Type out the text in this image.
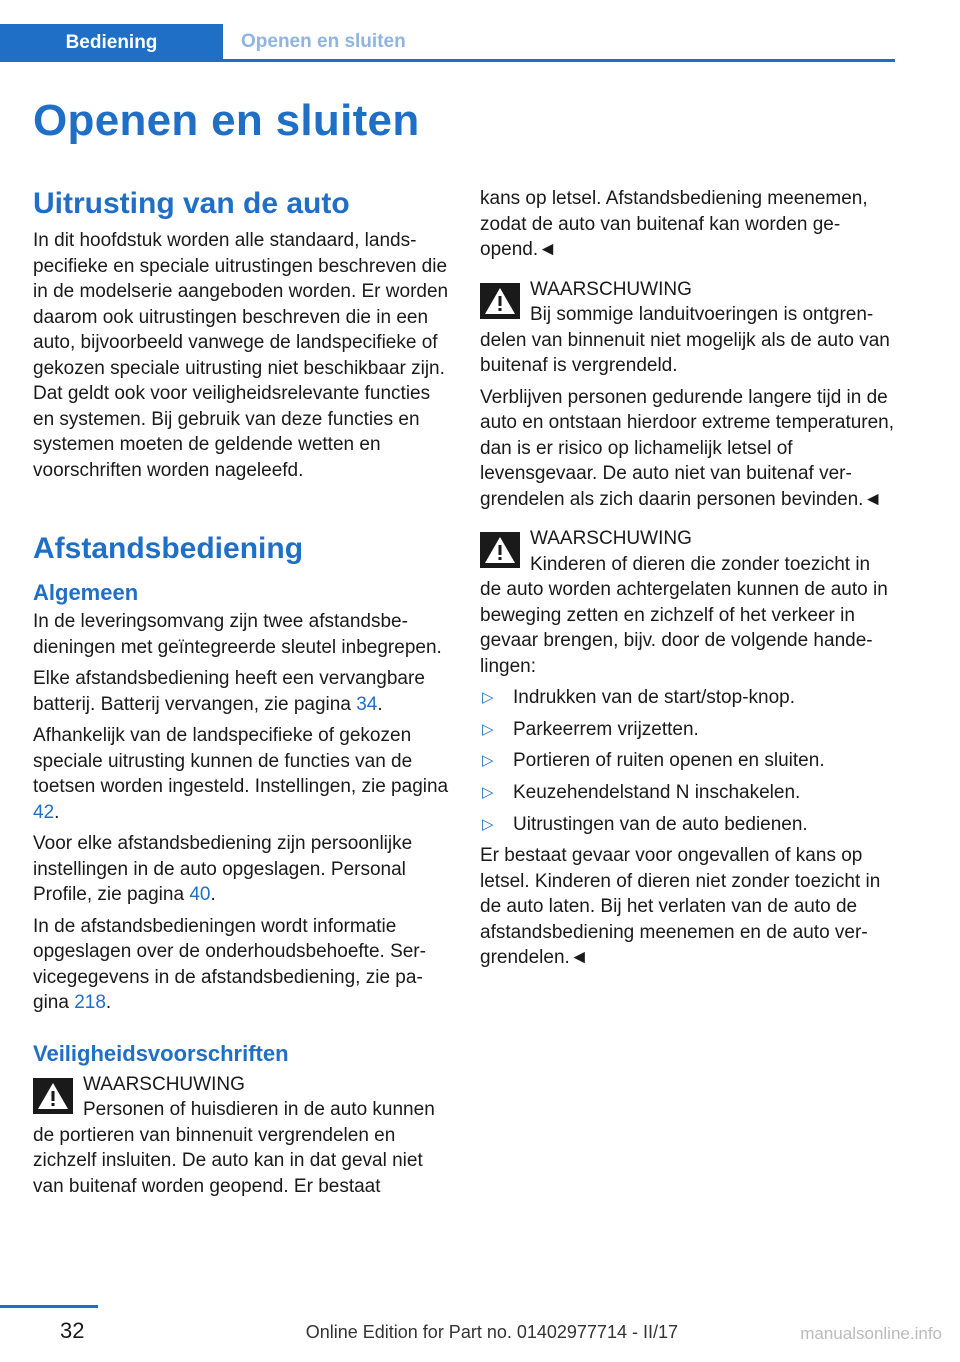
Bediening	Openen en sluiten
Openen en sluiten
Uitrusting van de auto

In dit hoofdstuk worden alle standaard, landspecifieke en speciale uitrustingen beschreven die in de modelserie aangeboden worden. Er worden daarom ook uitrustingen beschreven die in een auto, bijvoorbeeld vanwege de landspecifieke of gekozen speciale uitrusting niet beschikbaar zijn. Dat geldt ook voor veiligheidsrelevante functies en systemen. Bij gebruik van deze functies en systemen moeten de geldende wetten en voorschriften worden nageleefd.

Afstandsbediening
Algemeen

In de leveringsomvang zijn twee afstandsbedieningen met geïntegreerde sleutel inbegrepen.

Elke afstandsbediening heeft een vervangbare batterij. Batterij vervangen, zie pagina 34.

Afhankelijk van de landspecifieke of gekozen speciale uitrusting kunnen de functies van de toetsen worden ingesteld. Instellingen, zie pagina 42.

Voor elke afstandsbediening zijn persoonlijke instellingen in de auto opgeslagen. Personal Profile, zie pagina 40.

In de afstandsbedieningen wordt informatie opgeslagen over de onderhoudsbehoefte. Servicegegevens in de afstandsbediening, zie pagina 218.

Veiligheidsvoorschriften
WAARSCHUWING
Personen of huisdieren in de auto kunnen de portieren van binnenuit vergrendelen en zichzelf insluiten. De auto kan in dat geval niet van buitenaf worden geopend. Er bestaat

kans op letsel. Afstandsbediening meenemen, zodat de auto van buitenaf kan worden geopend.◄

WAARSCHUWING
Bij sommige landuitvoeringen is ontgrendelen van binnenuit niet mogelijk als de auto van buitenaf is vergrendeld.

Verblijven personen gedurende langere tijd in de auto en ontstaan hierdoor extreme temperaturen, dan is er risico op lichamelijk letsel of levensgevaar. De auto niet van buitenaf vergrendelen als zich daarin personen bevinden.◄

WAARSCHUWING
Kinderen of dieren die zonder toezicht in de auto worden achtergelaten kunnen de auto in beweging zetten en zichzelf of het verkeer in gevaar brengen, bijv. door de volgende handelingen:
▷ Indrukken van de start/stop-knop.
▷ Parkeerrem vrijzetten.
▷ Portieren of ruiten openen en sluiten.
▷ Keuzehendelstand N inschakelen.
▷ Uitrustingen van de auto bedienen.

Er bestaat gevaar voor ongevallen of kans op letsel. Kinderen of dieren niet zonder toezicht in de auto laten. Bij het verlaten van de auto de afstandsbediening meenemen en de auto vergrendelen.◄

32	Online Edition for Part no. 01402977714 - II/17	manualsonline.info
